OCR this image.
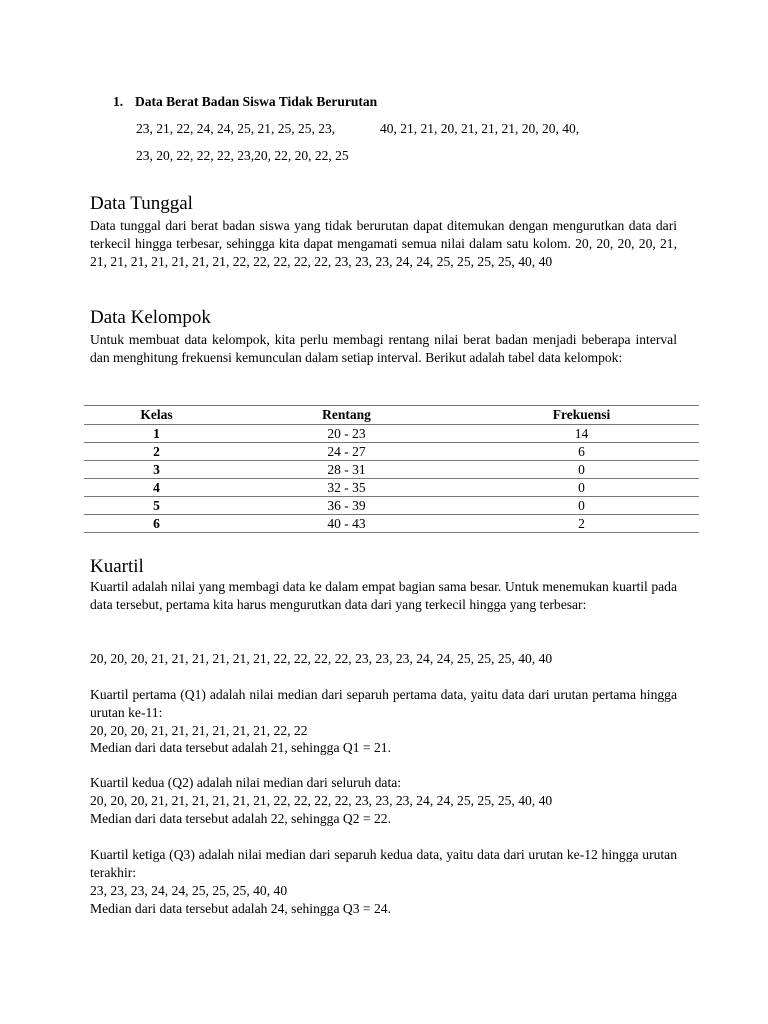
1. Data Berat Badan Siswa Tidak Berurutan
23, 21, 22, 24, 24, 25, 21, 25, 25, 23,	40, 21, 21, 20, 21, 21, 21, 20, 20, 40,
23, 20, 22, 22, 22, 23,20, 22, 20, 22, 25
Data Tunggal

Data tunggal dari berat badan siswa yang tidak berurutan dapat ditemukan dengan mengurutkan data dari terkecil hingga terbesar, sehingga kita dapat mengamati semua nilai dalam satu kolom. 20, 20, 20, 20, 21, 21, 21, 21, 21, 21, 21, 21, 22, 22, 22, 22, 22, 23, 23, 23, 24, 24, 25, 25, 25, 25, 40, 40

Data Kelompok

Untuk membuat data kelompok, kita perlu membagi rentang nilai berat badan menjadi beberapa interval dan menghitung frekuensi kemunculan dalam setiap interval. Berikut adalah tabel data kelompok:

Kelas	Rentang	Frekuensi
1	20 - 23	14
2	24 - 27	6
3	28 - 31	0
4	32 - 35	0
5	36 - 39	0
6	40 - 43	2
Kuartil

Kuartil adalah nilai yang membagi data ke dalam empat bagian sama besar. Untuk menemukan kuartil pada data tersebut, pertama kita harus mengurutkan data dari yang terkecil hingga yang terbesar:

20, 20, 20, 21, 21, 21, 21, 21, 21, 22, 22, 22, 22, 23, 23, 23, 24, 24, 25, 25, 25, 40, 40

Kuartil pertama (Q1) adalah nilai median dari separuh pertama data, yaitu data dari urutan pertama hingga urutan ke-11:

20, 20, 20, 21, 21, 21, 21, 21, 21, 22, 22

Median dari data tersebut adalah 21, sehingga Q1 = 21.

Kuartil kedua (Q2) adalah nilai median dari seluruh data:

20, 20, 20, 21, 21, 21, 21, 21, 21, 22, 22, 22, 22, 23, 23, 23, 24, 24, 25, 25, 25, 40, 40

Median dari data tersebut adalah 22, sehingga Q2 = 22.

Kuartil ketiga (Q3) adalah nilai median dari separuh kedua data, yaitu data dari urutan ke-12 hingga urutan terakhir:

23, 23, 23, 24, 24, 25, 25, 25, 40, 40

Median dari data tersebut adalah 24, sehingga Q3 = 24.
